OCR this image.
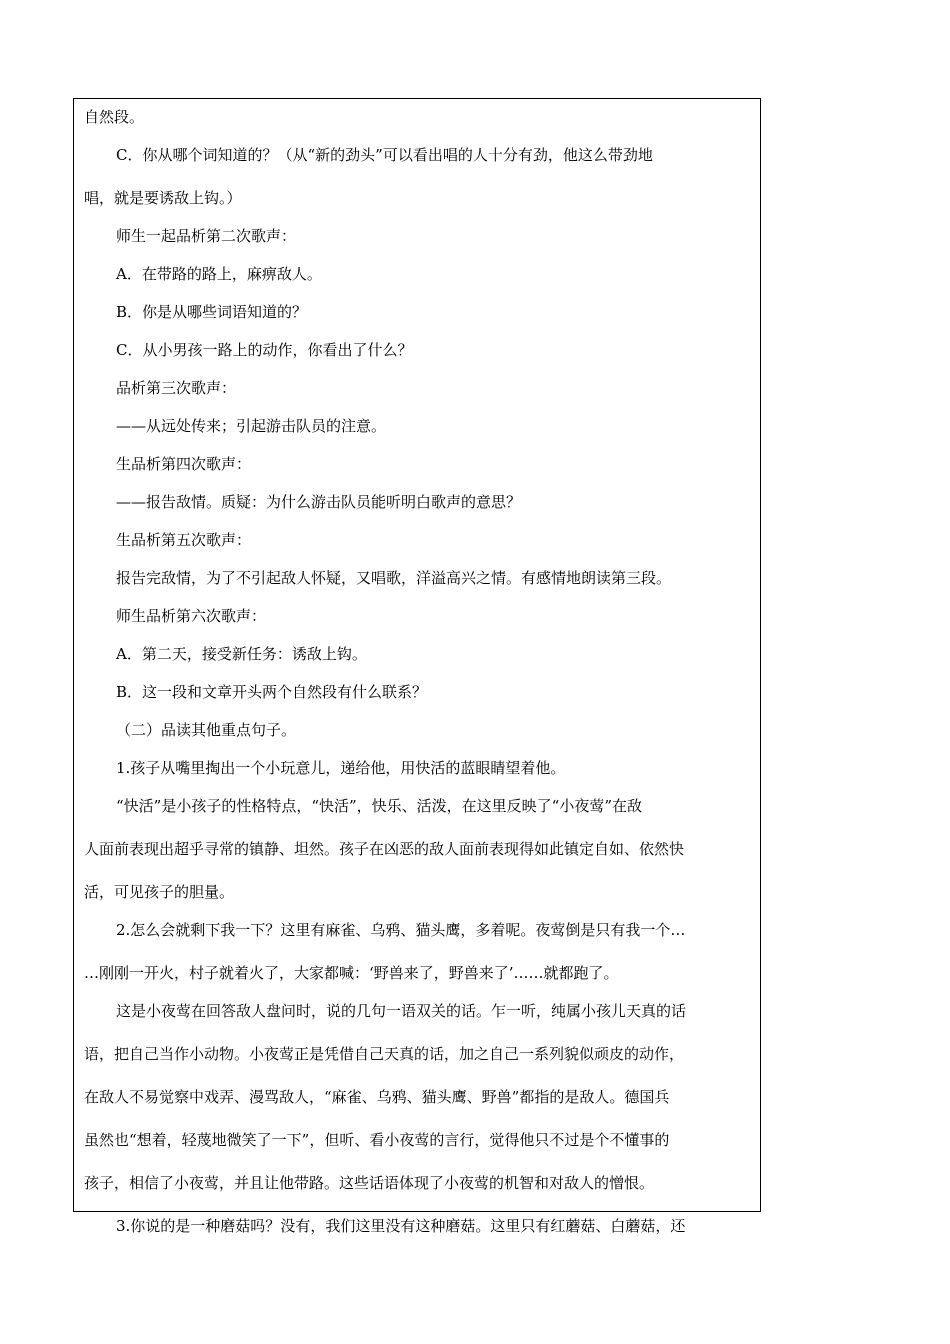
自然段。

C．你从哪个词知道的？（从“新的劲头”可以看出唱的人十分有劲，他这么带劲地

唱，就是要诱敌上钩。）

师生一起品析第二次歌声：

A．在带路的路上，麻痹敌人。

B．你是从哪些词语知道的？

C．从小男孩一路上的动作，你看出了什么？

品析第三次歌声：

——从远处传来；引起游击队员的注意。

生品析第四次歌声：

——报告敌情。质疑：为什么游击队员能听明白歌声的意思？

生品析第五次歌声：

报告完敌情，为了不引起敌人怀疑，又唱歌，洋溢高兴之情。有感情地朗读第三段。

师生品析第六次歌声：

A．第二天，接受新任务：诱敌上钩。

B．这一段和文章开头两个自然段有什么联系？

（二）品读其他重点句子。

1.孩子从嘴里掏出一个小玩意儿，递给他，用快活的蓝眼睛望着他。

“快活”是小孩子的性格特点，“快活”，快乐、活泼，在这里反映了“小夜莺”在敌

人面前表现出超乎寻常的镇静、坦然。孩子在凶恶的敌人面前表现得如此镇定自如、依然快

活，可见孩子的胆量。

2.怎么会就剩下我一下？这里有麻雀、乌鸦、猫头鹰，多着呢。夜莺倒是只有我一个…

…刚刚一开火，村子就着火了，大家都喊：‘野兽来了，野兽来了’……就都跑了。

这是小夜莺在回答敌人盘问时，说的几句一语双关的话。乍一听，纯属小孩儿天真的话

语，把自己当作小动物。小夜莺正是凭借自己天真的话，加之自己一系列貌似顽皮的动作，

在敌人不易觉察中戏弄、漫骂敌人，“麻雀、乌鸦、猫头鹰、野兽”都指的是敌人。德国兵

虽然也“想着，轻蔑地微笑了一下”，但听、看小夜莺的言行，觉得他只不过是个不懂事的

孩子，相信了小夜莺，并且让他带路。这些话语体现了小夜莺的机智和对敌人的憎恨。

3.你说的是一种磨菇吗？没有，我们这里没有这种磨菇。这里只有红蘑菇、白蘑菇，还
